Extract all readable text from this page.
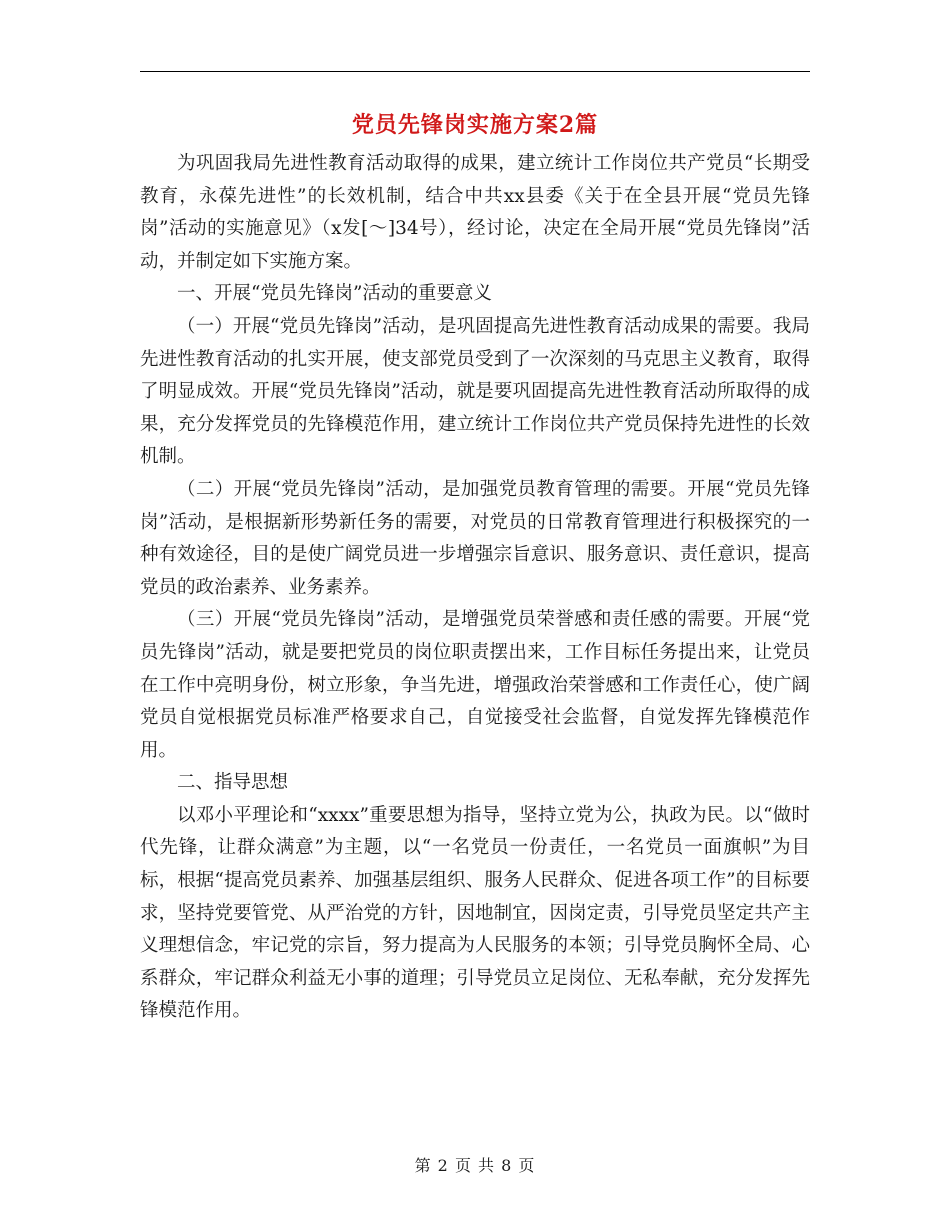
党员先锋岗实施方案2篇

为巩固我局先进性教育活动取得的成果，建立统计工作岗位共产党员“长期受教育，永葆先进性”的长效机制，结合中共xx县委《关于在全县开展“党员先锋岗”活动的实施意见》（x发[～]34号），经讨论，决定在全局开展“党员先锋岗”活动，并制定如下实施方案。

一、开展“党员先锋岗”活动的重要意义

（一）开展“党员先锋岗”活动，是巩固提高先进性教育活动成果的需要。我局先进性教育活动的扎实开展，使支部党员受到了一次深刻的马克思主义教育，取得了明显成效。开展“党员先锋岗”活动，就是要巩固提高先进性教育活动所取得的成果，充分发挥党员的先锋模范作用，建立统计工作岗位共产党员保持先进性的长效机制。

（二）开展“党员先锋岗”活动，是加强党员教育管理的需要。开展“党员先锋岗”活动，是根据新形势新任务的需要，对党员的日常教育管理进行积极探究的一种有效途径，目的是使广阔党员进一步增强宗旨意识、服务意识、责任意识，提高党员的政治素养、业务素养。

（三）开展“党员先锋岗”活动，是增强党员荣誉感和责任感的需要。开展“党员先锋岗”活动，就是要把党员的岗位职责摆出来，工作目标任务提出来，让党员在工作中亮明身份，树立形象，争当先进，增强政治荣誉感和工作责任心，使广阔党员自觉根据党员标准严格要求自己，自觉接受社会监督，自觉发挥先锋模范作用。

二、指导思想

以邓小平理论和“xxxx”重要思想为指导，坚持立党为公，执政为民。以“做时代先锋，让群众满意”为主题，以“一名党员一份责任，一名党员一面旗帜”为目标，根据“提高党员素养、加强基层组织、服务人民群众、促进各项工作”的目标要求，坚持党要管党、从严治党的方针，因地制宜，因岗定责，引导党员坚定共产主义理想信念，牢记党的宗旨，努力提高为人民服务的本领；引导党员胸怀全局、心系群众，牢记群众利益无小事的道理；引导党员立足岗位、无私奉献，充分发挥先锋模范作用。

第 2 页 共 8 页
